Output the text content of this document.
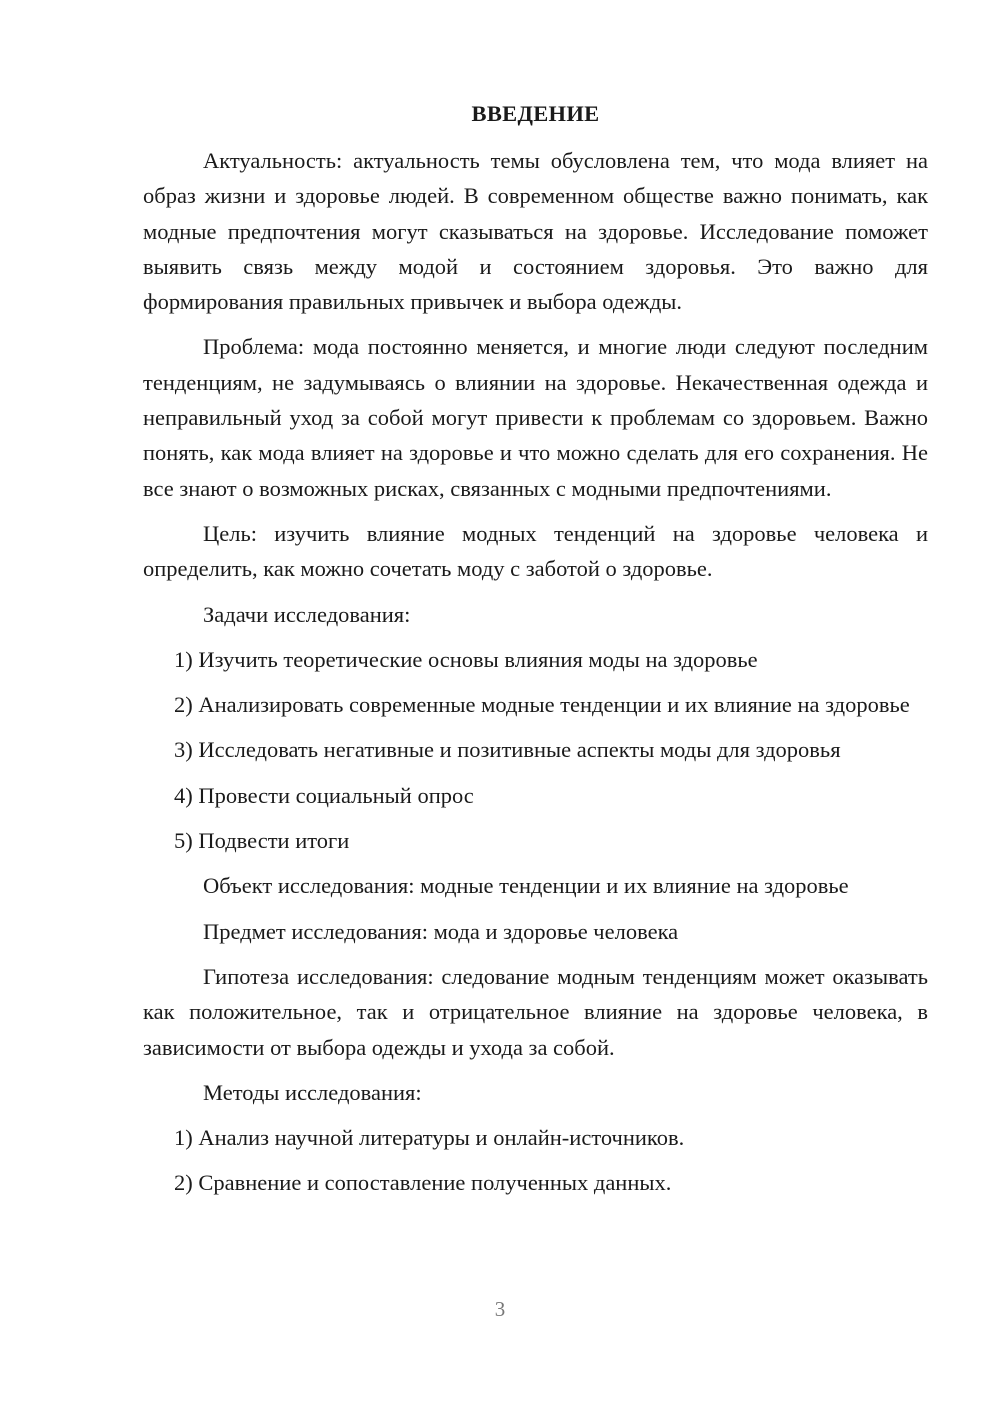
ВВЕДЕНИЕ

Актуальность: актуальность темы обусловлена тем, что мода влияет на образ жизни и здоровье людей. В современном обществе важно понимать, как модные предпочтения могут сказываться на здоровье. Исследование поможет выявить связь между модой и состоянием здоровья. Это важно для формирования правильных привычек и выбора одежды.

Проблема: мода постоянно меняется, и многие люди следуют последним тенденциям, не задумываясь о влиянии на здоровье. Некачественная одежда и неправильный уход за собой могут привести к проблемам со здоровьем. Важно понять, как мода влияет на здоровье и что можно сделать для его сохранения. Не все знают о возможных рисках, связанных с модными предпочтениями.

Цель: изучить влияние модных тенденций на здоровье человека и определить, как можно сочетать моду с заботой о здоровье.

Задачи исследования:

1) Изучить теоретические основы влияния моды на здоровье

2) Анализировать современные модные тенденции и их влияние на здоровье

3) Исследовать негативные и позитивные аспекты моды для здоровья

4) Провести социальный опрос

5) Подвести итоги

Объект исследования: модные тенденции и их влияние на здоровье

Предмет исследования: мода и здоровье человека

Гипотеза исследования: следование модным тенденциям может оказывать как положительное, так и отрицательное влияние на здоровье человека, в зависимости от выбора одежды и ухода за собой.

Методы исследования:

1) Анализ научной литературы и онлайн-источников.

2) Сравнение и сопоставление полученных данных.

3
